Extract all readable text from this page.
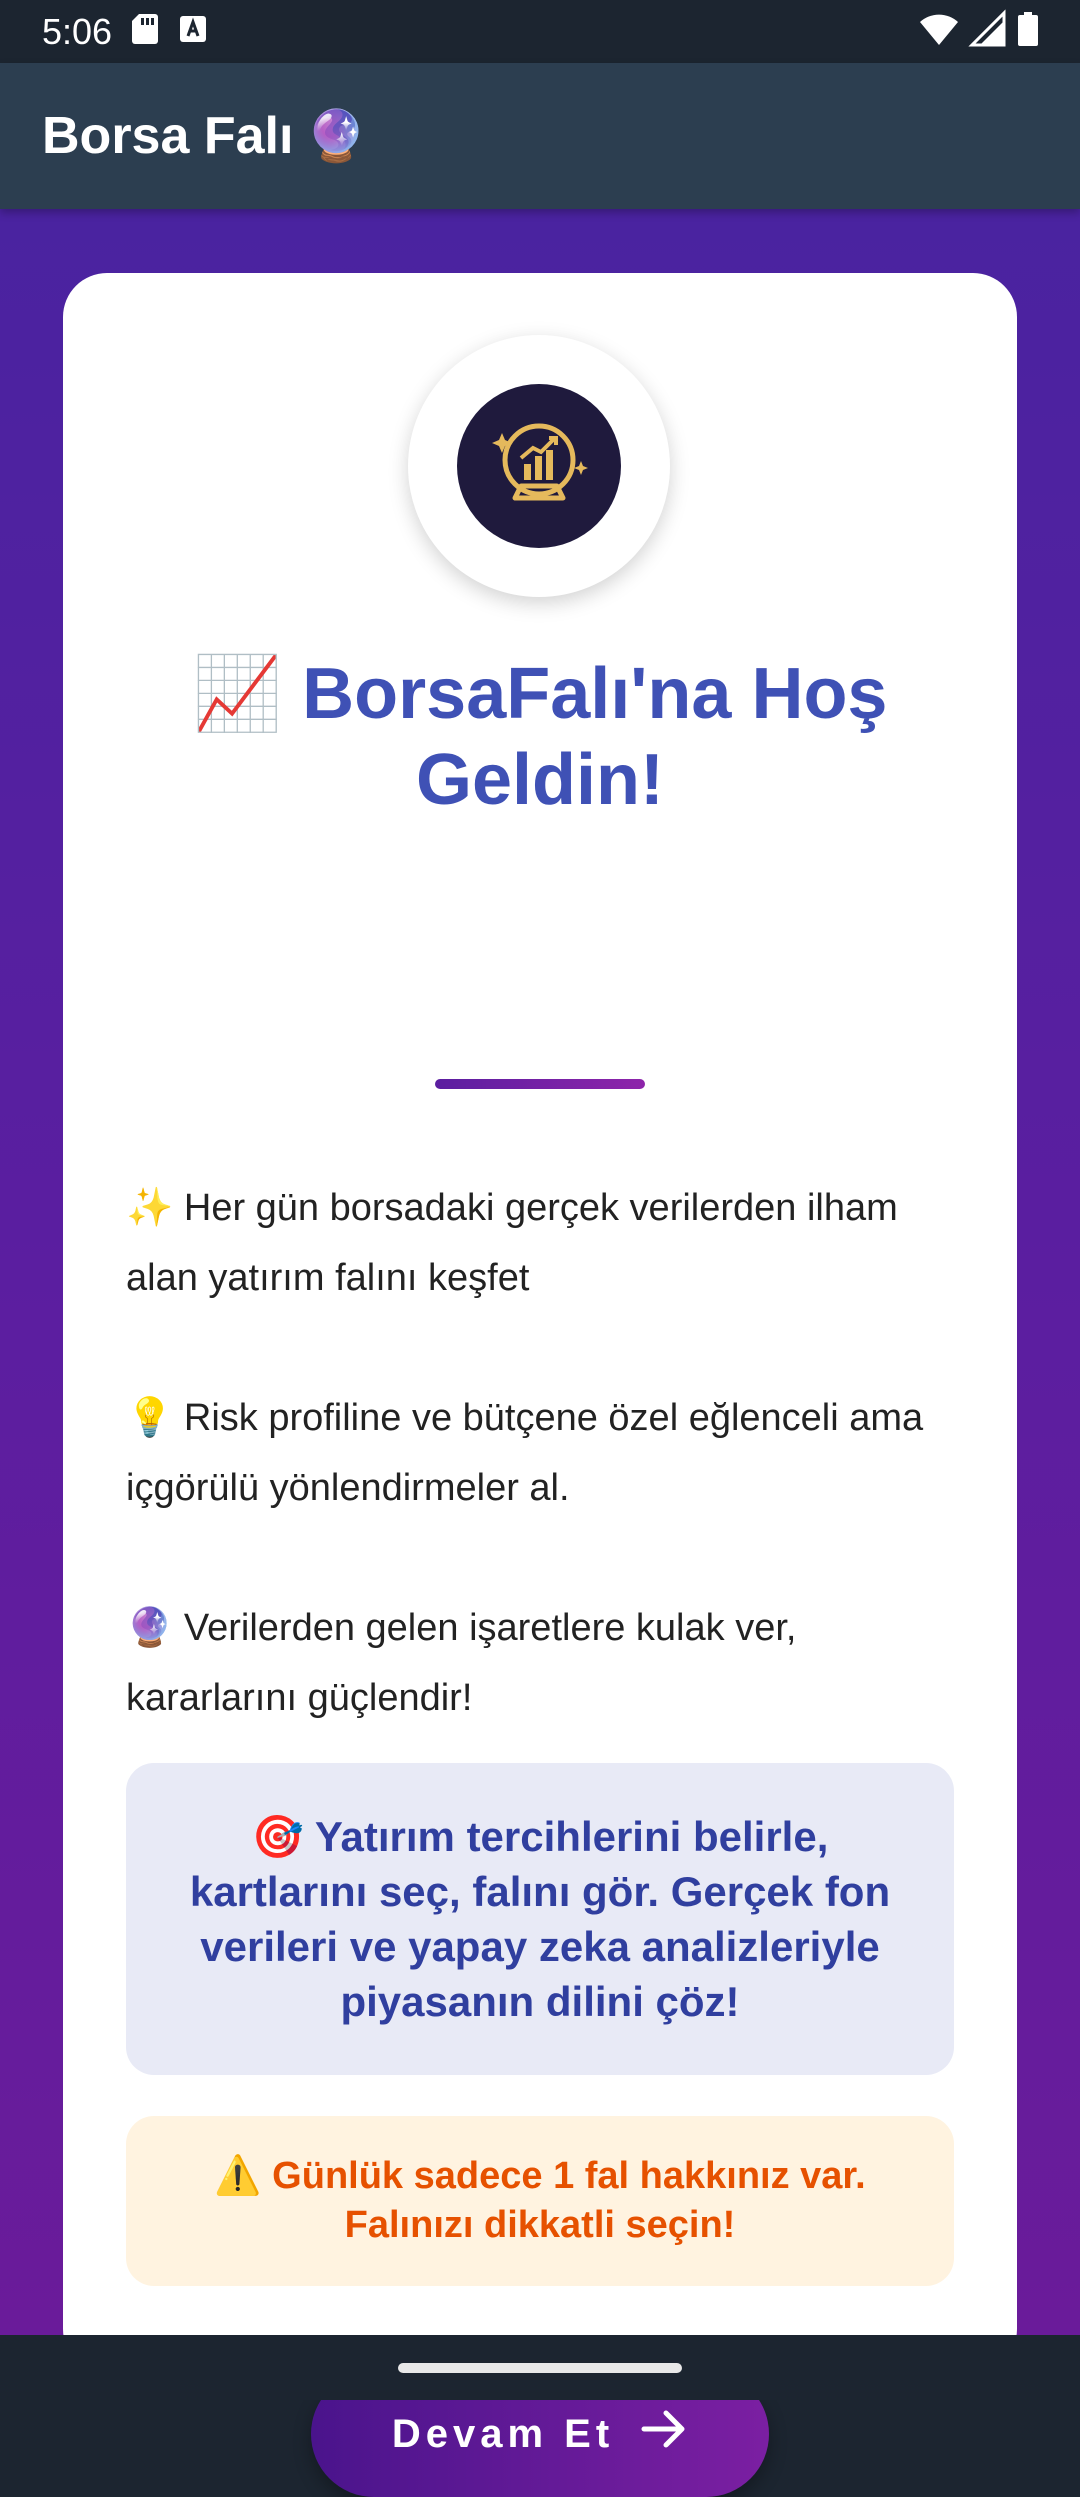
5:06
Borsa Falı 🔮
📈 BorsaFalı'na Hoş Geldin!

✨ Her gün borsadaki gerçek verilerden ilham alan yatırım falını keşfet

💡 Risk profiline ve bütçene özel eğlenceli ama içgörülü yönlendirmeler al.

🔮 Verilerden gelen işaretlere kulak ver, kararlarını güçlendir!

🎯 Yatırım tercihlerini belirle, kartlarını seç, falını gör. Gerçek fon verileri ve yapay zeka analizleriyle piyasanın dilini çöz!
⚠️ Günlük sadece 1 fal hakkınız var. Falınızı dikkatli seçin!
Devam Et
